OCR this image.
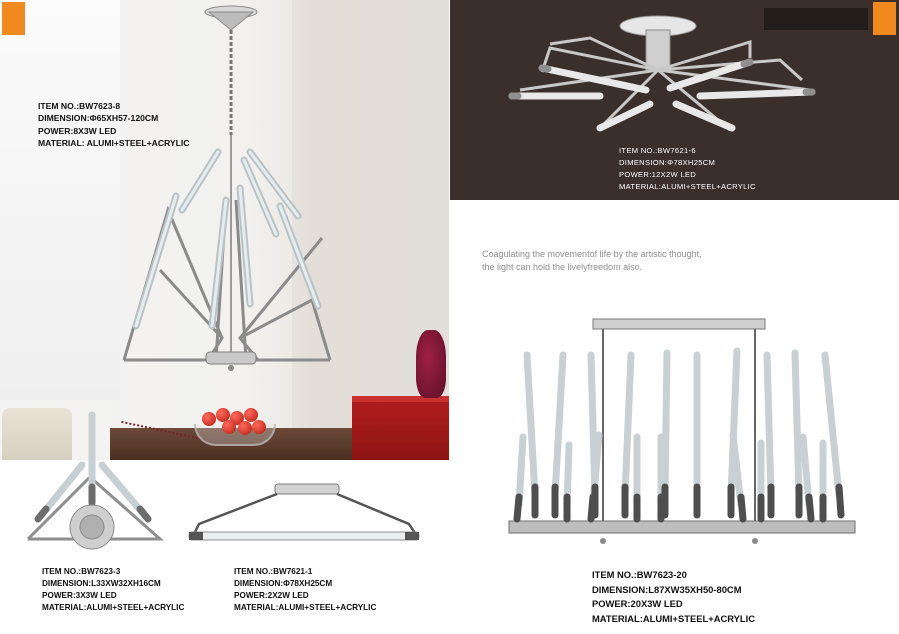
ITEM NO.:BW7623-8
DIMENSION:Φ65XH57-120CM
POWER:8X3W LED
MATERIAL: ALUMI+STEEL+ACRYLIC
ITEM NO.:BW7621-6
DIMENSION:Φ78XH25CM
POWER:12X2W LED
MATERIAL:ALUMI+STEEL+ACRYLIC
Coagulating the movementof life by the artistic thought,
the light can hold the livelyfreedom also.
ITEM NO.:BW7623-3
DIMENSION:L33XW32XH16CM
POWER:3X3W LED
MATERIAL:ALUMI+STEEL+ACRYLIC
ITEM NO.:BW7621-1
DIMENSION:Φ78XH25CM
POWER:2X2W LED
MATERIAL:ALUMI+STEEL+ACRYLIC
ITEM NO.:BW7623-20
DIMENSION:L87XW35XH50-80CM
POWER:20X3W LED
MATERIAL:ALUMI+STEEL+ACRYLIC
